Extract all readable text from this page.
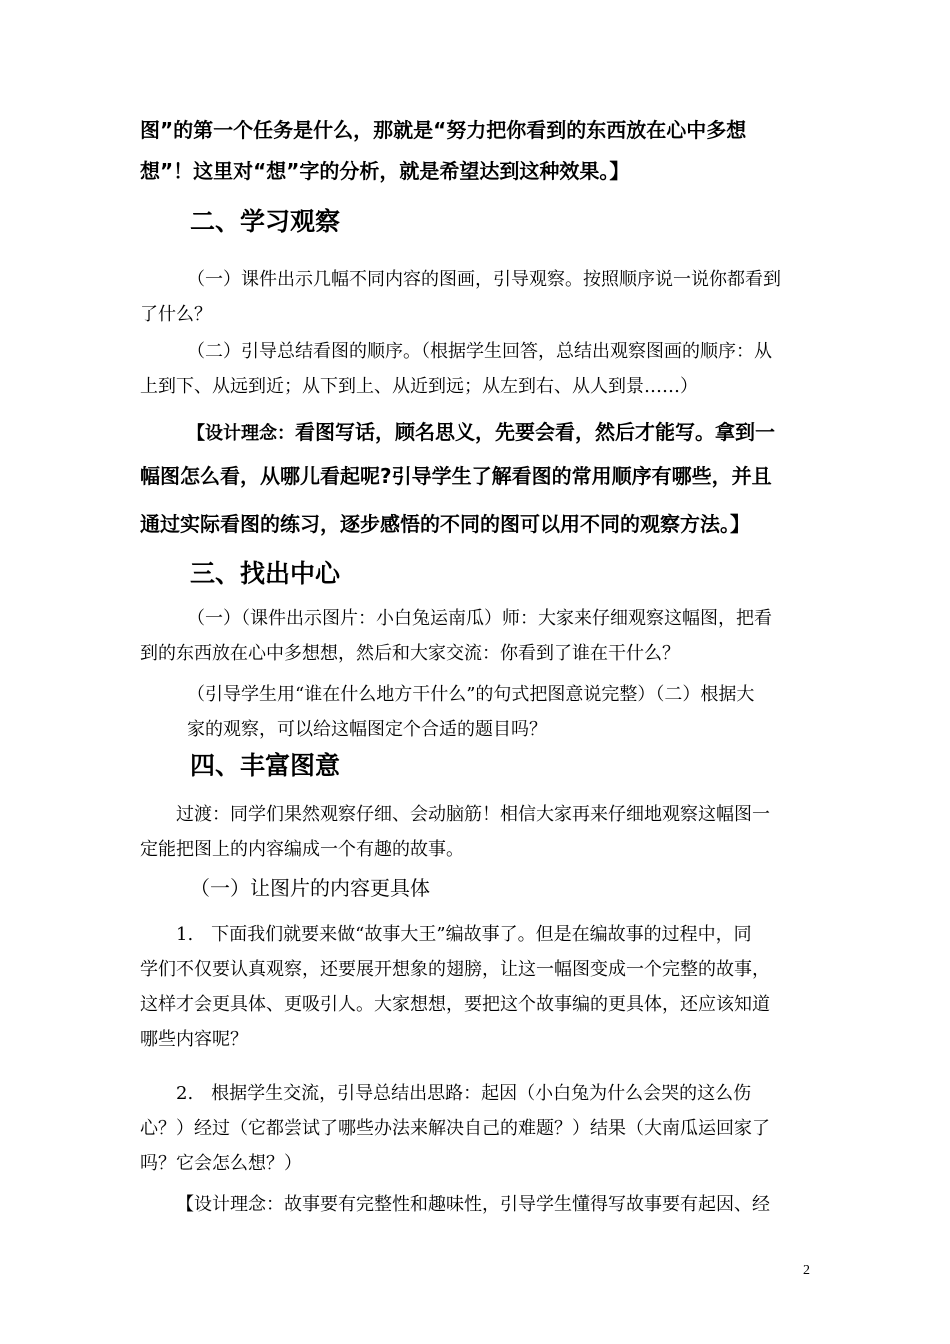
图”的第一个任务是什么，那就是“努力把你看到的东西放在心中多想
想”！这里对“想”字的分析，就是希望达到这种效果。】
二、学习观察
（一）课件出示几幅不同内容的图画，引导观察。按照顺序说一说你都看到
了什么？
（二）引导总结看图的顺序。（根据学生回答，总结出观察图画的顺序：从
上到下、从远到近；从下到上、从近到远；从左到右、从人到景……）
【设计理念：看图写话，顾名思义，先要会看，然后才能写。拿到一
幅图怎么看，从哪儿看起呢?引导学生了解看图的常用顺序有哪些，并且
通过实际看图的练习，逐步感悟的不同的图可以用不同的观察方法。】
三、找出中心
（一）（课件出示图片：小白兔运南瓜）师：大家来仔细观察这幅图，把看
到的东西放在心中多想想，然后和大家交流：你看到了谁在干什么？
（引导学生用“谁在什么地方干什么”的句式把图意说完整）（二）根据大
家的观察，可以给这幅图定个合适的题目吗？
四、丰富图意
过渡：同学们果然观察仔细、会动脑筋！相信大家再来仔细地观察这幅图一
定能把图上的内容编成一个有趣的故事。
（一）让图片的内容更具体
1.　下面我们就要来做“故事大王”编故事了。但是在编故事的过程中，同
学们不仅要认真观察，还要展开想象的翅膀，让这一幅图变成一个完整的故事，
这样才会更具体、更吸引人。大家想想，要把这个故事编的更具体，还应该知道
哪些内容呢？
2.　根据学生交流，引导总结出思路：起因（小白兔为什么会哭的这么伤
心？）经过（它都尝试了哪些办法来解决自己的难题？）结果（大南瓜运回家了
吗？它会怎么想？）
【设计理念：故事要有完整性和趣味性，引导学生懂得写故事要有起因、经
2
